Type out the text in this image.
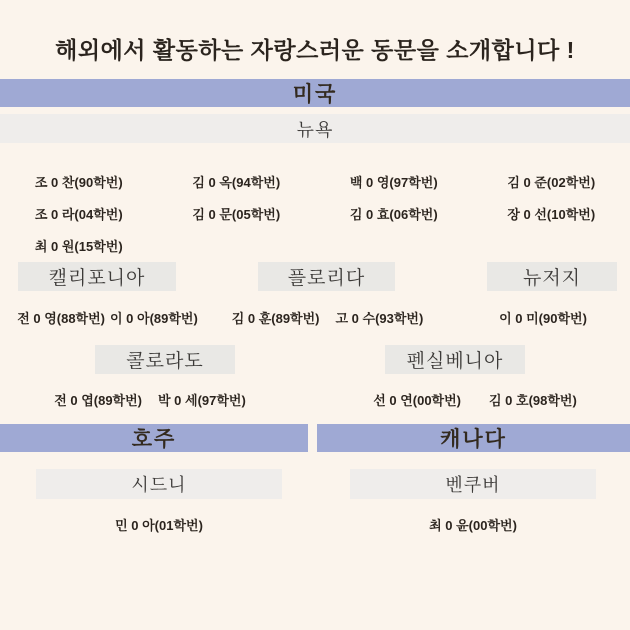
해외에서 활동하는 자랑스러운 동문을 소개합니다 !
미국
뉴욕
조 0 찬(90학번)	김 0 옥(94학번)	백 0 영(97학번)	김 0 준(02학번)
조 0 라(04학번)	김 0 문(05학번)	김 0 효(06학번)	장 0 선(10학번)
최 0 원(15학번)
캘리포니아	플로리다	뉴저지
전 0 영(88학번) 이 0 아(89학번)	김 0 훈(89학번) 고 0 수(93학번)	이 0 미(90학번)
콜로라도	펜실베니아
전 0 엽(89학번) 박 0 세(97학번)	선 0 연(00학번) 김 0 호(98학번)
호주	캐나다
시드니	벤쿠버
민 0 아(01학번)	최 0 윤(00학번)
